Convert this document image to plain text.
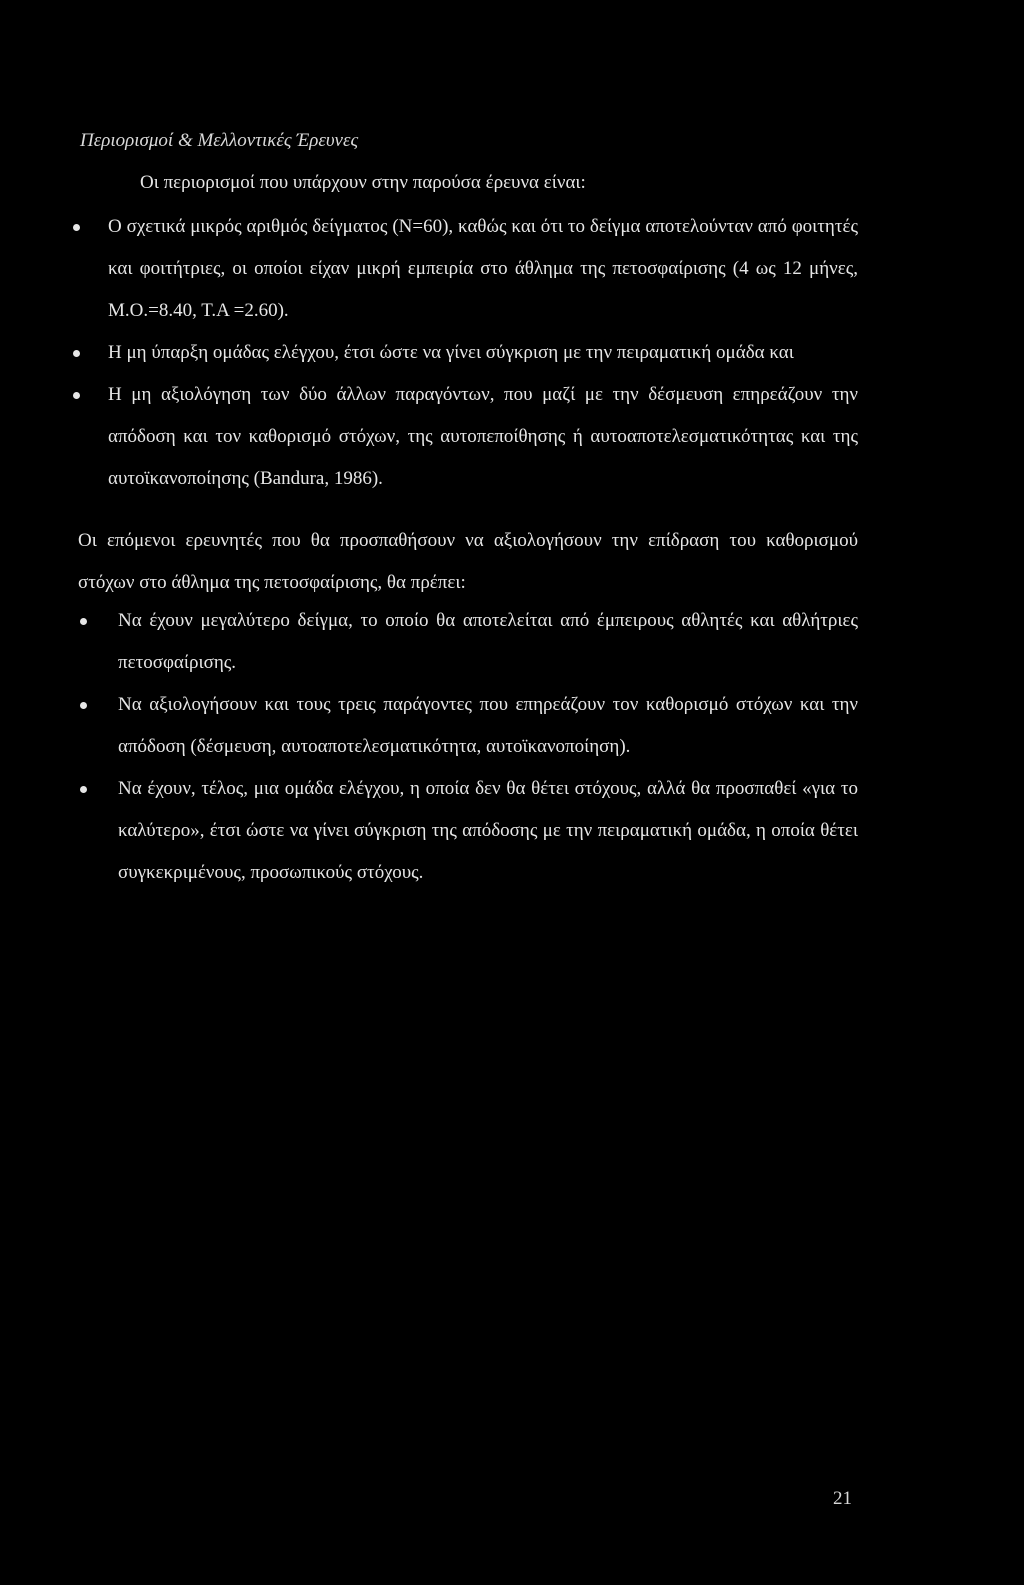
Περιορισμοί & Μελλοντικές Έρευνες
Οι περιορισμοί που υπάρχουν στην παρούσα έρευνα είναι:
Ο σχετικά μικρός αριθμός δείγματος (Ν=60), καθώς και ότι το δείγμα αποτελούνταν από φοιτητές και φοιτήτριες, οι οποίοι είχαν μικρή εμπειρία στο άθλημα της πετοσφαίρισης (4 ως 12 μήνες, Μ.Ο.=8.40, Τ.Α =2.60).
Η μη ύπαρξη ομάδας ελέγχου, έτσι ώστε να γίνει σύγκριση με την πειραματική ομάδα και
Η μη αξιολόγηση των δύο άλλων παραγόντων, που μαζί με την δέσμευση επηρεάζουν την απόδοση και τον καθορισμό στόχων, της αυτοπεποίθησης ή αυτοαποτελεσματικότητας και της αυτοϊκανοποίησης (Bandura, 1986).
Οι επόμενοι ερευνητές που θα προσπαθήσουν να αξιολογήσουν την επίδραση του καθορισμού στόχων στο άθλημα της πετοσφαίρισης, θα πρέπει:
Να έχουν μεγαλύτερο δείγμα, το οποίο θα αποτελείται από έμπειρους αθλητές και αθλήτριες πετοσφαίρισης.
Να αξιολογήσουν και τους τρεις παράγοντες που επηρεάζουν τον καθορισμό στόχων και την απόδοση (δέσμευση, αυτοαποτελεσματικότητα, αυτοϊκανοποίηση).
Να έχουν, τέλος, μια ομάδα ελέγχου, η οποία δεν θα θέτει στόχους, αλλά θα προσπαθεί «για το καλύτερο», έτσι ώστε να γίνει σύγκριση της απόδοσης με την πειραματική ομάδα, η οποία θέτει συγκεκριμένους, προσωπικούς στόχους.
21
